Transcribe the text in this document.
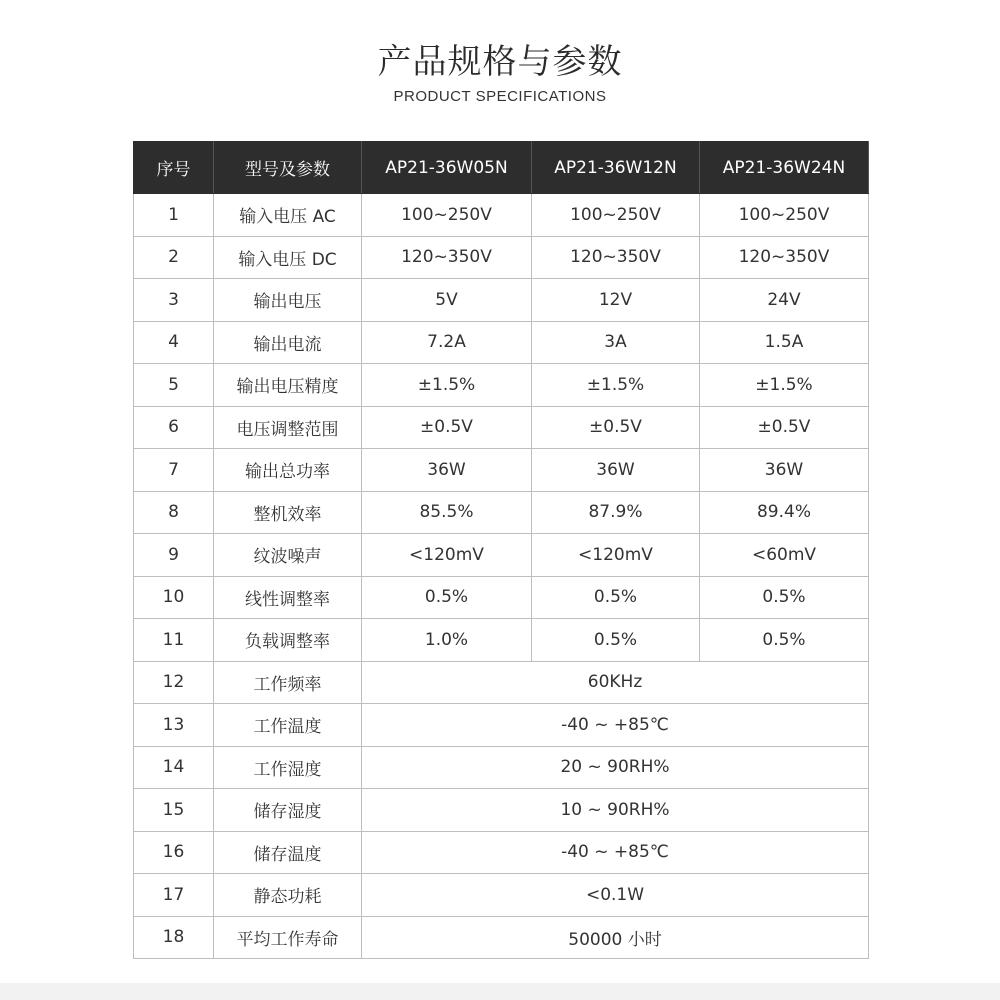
产品规格与参数
PRODUCT SPECIFICATIONS
序号	型号及参数	AP21-36W05N	AP21-36W12N	AP21-36W24N
1	输入电压 AC	100~250V	100~250V	100~250V
2	输入电压 DC	120~350V	120~350V	120~350V
3	输出电压	5V	12V	24V
4	输出电流	7.2A	3A	1.5A
5	输出电压精度	±1.5%	±1.5%	±1.5%
6	电压调整范围	±0.5V	±0.5V	±0.5V
7	输出总功率	36W	36W	36W
8	整机效率	85.5%	87.9%	89.4%
9	纹波噪声	<120mV	<120mV	<60mV
10	线性调整率	0.5%	0.5%	0.5%
11	负载调整率	1.0%	0.5%	0.5%
12	工作频率	60KHz		
13	工作温度	-40 ~ +85℃		
14	工作湿度	20 ~ 90RH%		
15	储存湿度	10 ~ 90RH%		
16	储存温度	-40 ~ +85℃		
17	静态功耗	<0.1W		
18	平均工作寿命	50000 小时		
